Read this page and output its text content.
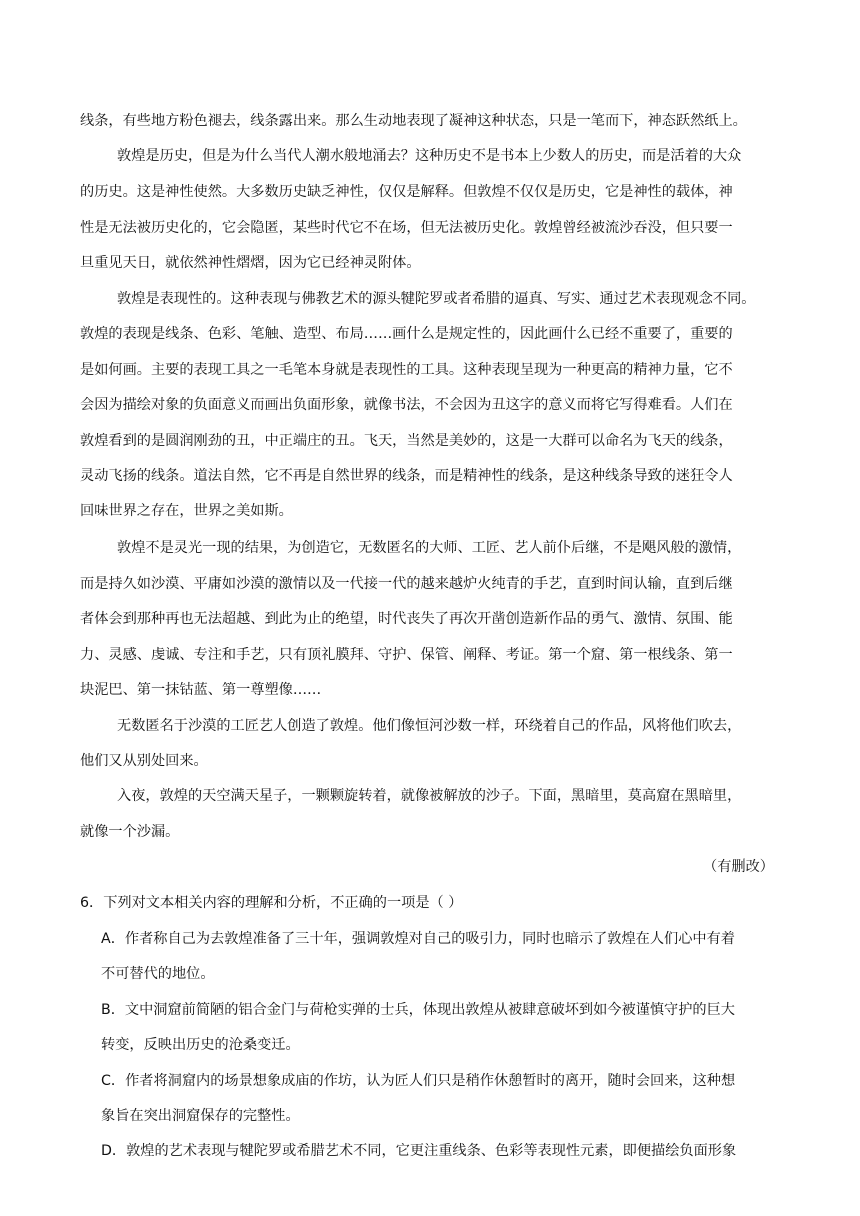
线条，有些地方粉色褪去，线条露出来。那么生动地表现了凝神这种状态，只是一笔而下，神态跃然纸上。
敦煌是历史，但是为什么当代人潮水般地涌去？这种历史不是书本上少数人的历史，而是活着的大众
的历史。这是神性使然。大多数历史缺乏神性，仅仅是解释。但敦煌不仅仅是历史，它是神性的载体，神
性是无法被历史化的，它会隐匿，某些时代它不在场，但无法被历史化。敦煌曾经被流沙吞没，但只要一
旦重见天日，就依然神性熠熠，因为它已经神灵附体。
敦煌是表现性的。这种表现与佛教艺术的源头犍陀罗或者希腊的逼真、写实、通过艺术表现观念不同。
敦煌的表现是线条、色彩、笔触、造型、布局……画什么是规定性的，因此画什么已经不重要了，重要的
是如何画。主要的表现工具之一毛笔本身就是表现性的工具。这种表现呈现为一种更高的精神力量，它不
会因为描绘对象的负面意义而画出负面形象，就像书法，不会因为丑这字的意义而将它写得难看。人们在
敦煌看到的是圆润刚劲的丑，中正端庄的丑。飞天，当然是美妙的，这是一大群可以命名为飞天的线条，
灵动飞扬的线条。道法自然，它不再是自然世界的线条，而是精神性的线条，是这种线条导致的迷狂令人
回味世界之存在，世界之美如斯。
敦煌不是灵光一现的结果，为创造它，无数匿名的大师、工匠、艺人前仆后继，不是飓风般的激情，
而是持久如沙漠、平庸如沙漠的激情以及一代接一代的越来越炉火纯青的手艺，直到时间认输，直到后继
者体会到那种再也无法超越、到此为止的绝望，时代丧失了再次开凿创造新作品的勇气、激情、氛围、能
力、灵感、虔诚、专注和手艺，只有顶礼膜拜、守护、保管、阐释、考证。第一个窟、第一根线条、第一
块泥巴、第一抹钴蓝、第一尊塑像……
无数匿名于沙漠的工匠艺人创造了敦煌。他们像恒河沙数一样，环绕着自己的作品，风将他们吹去，
他们又从别处回来。
入夜，敦煌的天空满天星子，一颗颗旋转着，就像被解放的沙子。下面，黑暗里，莫高窟在黑暗里，
就像一个沙漏。
（有删改）
6．下列对文本相关内容的理解和分析，不正确的一项是（ ）
A．作者称自己为去敦煌准备了三十年，强调敦煌对自己的吸引力，同时也暗示了敦煌在人们心中有着
不可替代的地位。
B．文中洞窟前简陋的铝合金门与荷枪实弹的士兵，体现出敦煌从被肆意破坏到如今被谨慎守护的巨大
转变，反映出历史的沧桑变迁。
C．作者将洞窟内的场景想象成庙的作坊，认为匠人们只是稍作休憩暂时的离开，随时会回来，这种想
象旨在突出洞窟保存的完整性。
D．敦煌的艺术表现与犍陀罗或希腊艺术不同，它更注重线条、色彩等表现性元素，即便描绘负面形象
